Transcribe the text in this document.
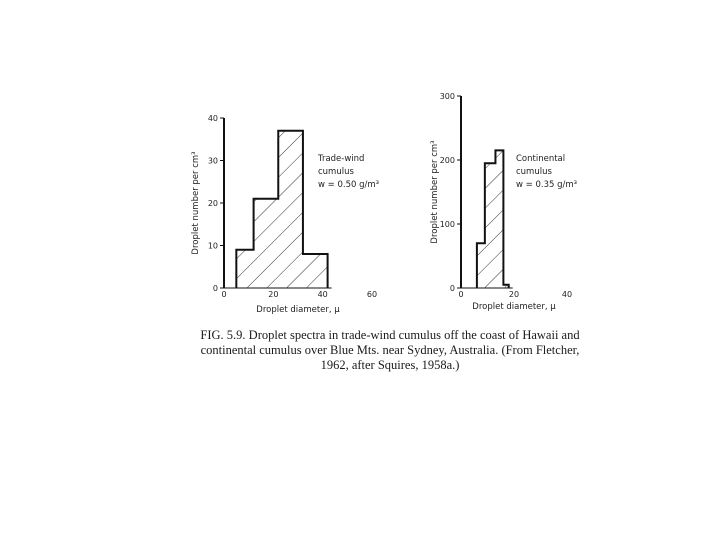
0
10
20
30
40
0	20	40	60
Droplet number per cm³
Droplet diameter, μ
Trade-wind
cumulus
w = 0.50 g/m³
0
100
200
300
0	20	40
Droplet number per cm³
Droplet diameter, μ
Continental
cumulus
w = 0.35 g/m³
FIG. 5.9. Droplet spectra in trade-wind cumulus off the coast of Hawaii and
continental cumulus over Blue Mts. near Sydney, Australia. (From Fletcher,
1962, after Squires, 1958a.)
